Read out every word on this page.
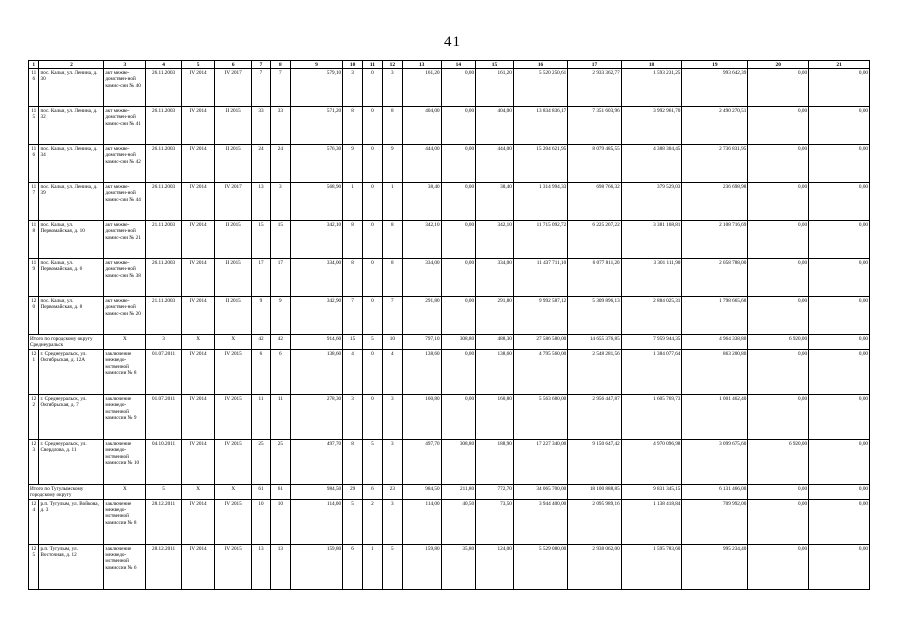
41
1	2	3	4	5	6	7	8	9	10	11	12	13	14	15	16	17	18	19	20	21
116	пос. Кальи, ул. Ленина, д. 30	акт межве-домствен-ной комис-сии № 40	26.11.2003	IV 2014	IV 2017	7	7	579,10	3	0	3	161,20	0,00	161,20	5 520 250,61	2 933 362,77	1 593 231,25	993 642,39	0,00	0,00
115	пос. Кальи, ул. Ленина, д. 32	акт межве-домствен-ной комис-сии № 41	26.11.2003	IV 2014	II 2015	33	33	571,20	8	0	8	404,00	0,00	404,00	13 834 836,17	7 351 603,96	3 992 961,70	2 490 270,51	0,00	0,00
116	пос. Кальи, ул. Ленина, д. 34	акт межве-домствен-ной комис-сии № 42	26.11.2003	IV 2014	II 2015	24	24	576,30	9	0	9	444,00	0,00	444,00	15 204 621,95	8 079 485,55	4 388 304,45	2 736 831,95	0,00	0,00
117	пос. Кальи, ул. Ленина, д. 39	акт межве-домствен-ной комис-сии № 44	26.11.2003	IV 2014	IV 2017	13	3	568,90	1	0	1	38,40	0,00	38,40	1 314 994,33	698 766,32	379 529,03	236 698,98	0,00	0,00
118	пос. Кальи, ул. Первомайская, д. 10	акт межве-домствен-ной комис-сии № 21	21.11.2003	IV 2014	II 2015	15	15	342,10	8	0	8	342,10	0,00	342,10	11 715 092,72	6 225 207,22	3 381 168,81	2 108 716,69	0,00	0,00
119	пос. Кальи, ул. Первомайская, д. 6	акт межве-домствен-ной комис-сии № 38	26.11.2003	IV 2014	II 2015	17	17	334,00	8	0	8	334,00	0,00	334,00	11 437 711,10	6 077 811,20	3 301 111,90	2 058 788,00	0,00	0,00
120	пос. Кальи, ул. Первомайская, д. 8	акт межве-домствен-ной комис-сии № 20	21.11.2003	IV 2014	II 2015	9	9	342,90	7	0	7	291,80	0,00	291,80	9 992 587,12	5 309 896,13	2 884 025,31	1 798 665,68	0,00	0,00
Итого по городскому округу Среднеуральск		X	3	X	X	42	42	914,60	15	5	10	797,10	308,80	488,30	27 586 580,00	14 655 376,85	7 959 944,35	4 964 338,80	6 920,00	0,00
121	г. Среднеуральск, ул. Октябрьская, д. 12А	заключение межведо-мственной комиссии № 8	01.07.2011	IV 2014	IV 2015	6	6	138,60	4	0	4	138,60	0,00	138,60	4 795 560,00	2 548 281,56	1 384 077,64	863 200,80	0,00	0,00
122	г. Среднеуральск, ул. Октябрьская, д. 7	заключение межведо-мственной комиссии № 9	01.07.2011	IV 2014	IV 2015	11	11	278,30	3	0	3	160,80	0,00	160,80	5 563 680,00	2 956 447,87	1 605 769,73	1 001 462,40	0,00	0,00
123	г. Среднеуральск, ул. Свердлова, д. 11	заключение межведо-мственной комиссии № 10	04.10.2011	IV 2014	IV 2015	25	25	497,70	8	5	3	497,70	308,80	188,90	17 227 340,00	9 150 647,42	4 970 096,98	3 099 675,60	6 920,00	0,00
Итого по Тугулымскому городскому округу		X	5	X	X	61	61	984,50	29	6	23	984,50	211,80	772,70	34 065 700,00	18 100 888,85	9 831 345,15	6 131 466,00	0,00	0,00
124	р.п. Тугулым, ул. Войкова, д. 3	заключение межведо-мственной комиссии № 8	28.12.2011	IV 2014	IV 2015	10	10	114,00	5	2	3	114,00	40,50	73,50	3 944 400,00	2 095 989,16	1 138 418,84	709 992,00	0,00	0,00
125	р.п. Тугулым, ул. Восточная, д. 12	заключение межведо-мственной комиссии № 6	28.12.2011	IV 2014	IV 2015	13	13	159,80	6	1	5	159,80	35,80	124,00	5 529 080,00	2 938 062,00	1 595 783,60	995 234,40	0,00	0,00
